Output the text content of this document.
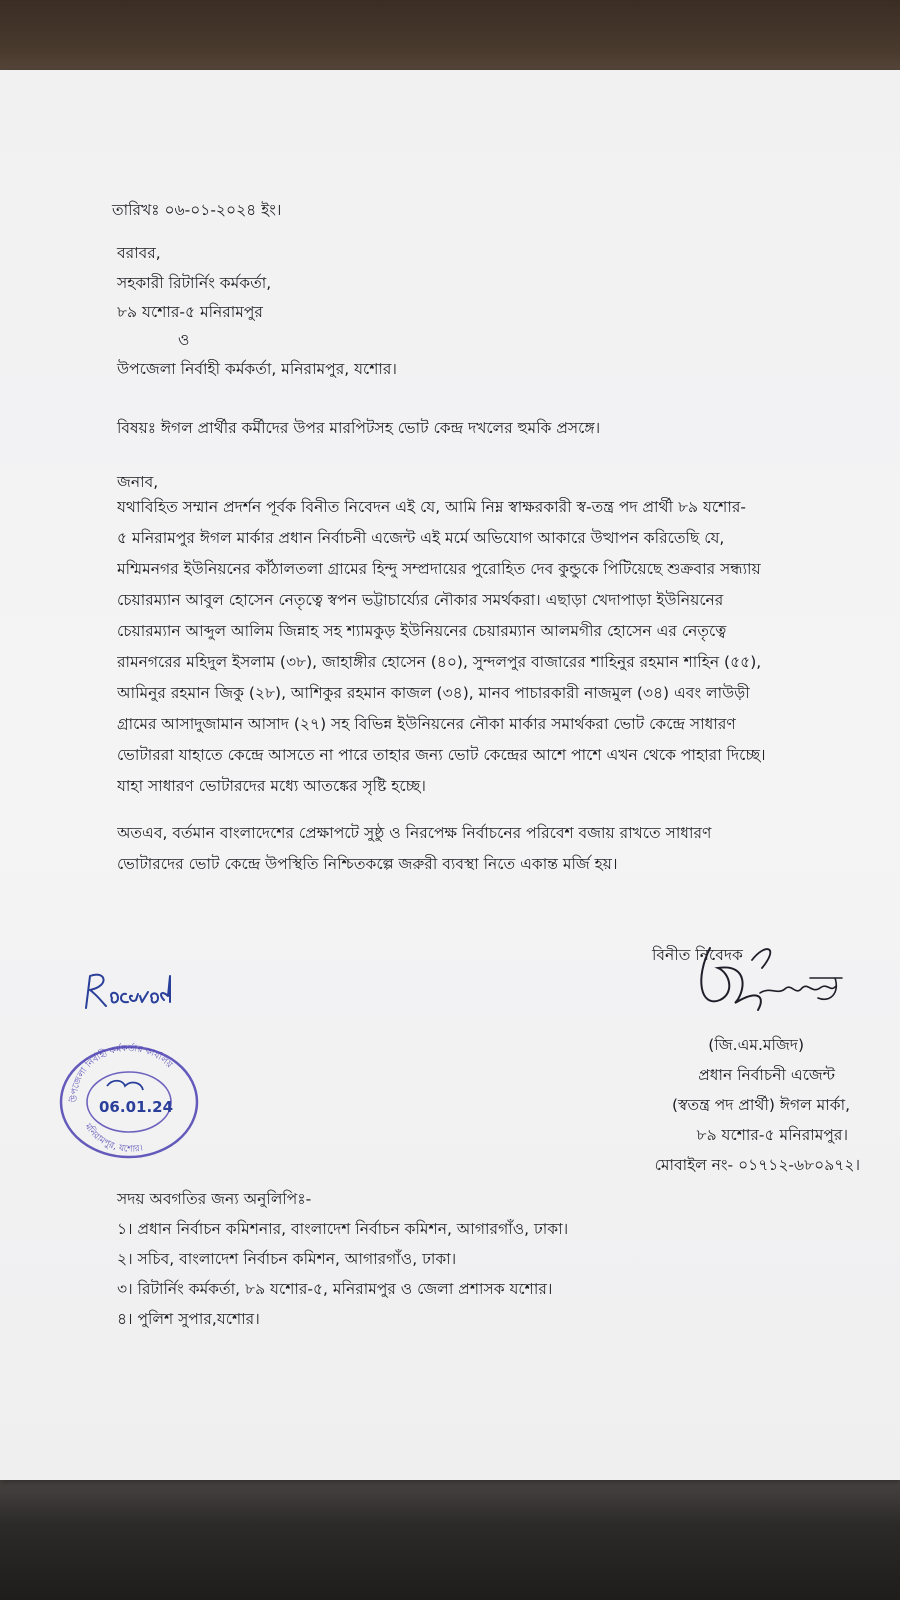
তারিখঃ ০৬-০১-২০২৪ ইং।
বরাবর,
সহকারী রিটার্নিং কর্মকর্তা,
৮৯ যশোর-৫ মনিরামপুর
ও
উপজেলা নির্বাহী কর্মকর্তা, মনিরামপুর, যশোর।
বিষয়ঃ ঈগল প্রার্থীর কর্মীদের উপর মারপিটসহ ভোট কেন্দ্র দখলের হুমকি প্রসঙ্গে।
জনাব,
যথাবিহিত সম্মান প্রদর্শন পূর্বক বিনীত নিবেদন এই যে, আমি নিম্ন স্বাক্ষরকারী স্ব-তন্ত্র পদ প্রার্থী ৮৯ যশোর-
৫ মনিরামপুর ঈগল মার্কার প্রধান নির্বাচনী এজেন্ট এই মর্মে অভিযোগ আকারে উত্থাপন করিতেছি যে,
মশ্মিমনগর ইউনিয়নের কাঁঠালতলা গ্রামের হিন্দু সম্প্রদায়ের পুরোহিত দেব কুন্ডুকে পিটিয়েছে শুক্রবার সন্ধ্যায়
চেয়ারম্যান আবুল হোসেন নেতৃত্বে স্বপন ভট্টাচার্য্যের নৌকার সমর্থকরা। এছাড়া খেদাপাড়া ইউনিয়নের
চেয়ারম্যান আব্দুল আলিম জিন্নাহ সহ শ্যামকুড় ইউনিয়নের চেয়ারম্যান আলমগীর হোসেন এর নেতৃত্বে
রামনগরের মহিদুল ইসলাম (৩৮), জাহাঙ্গীর হোসেন (৪০), সুন্দলপুর বাজারের শাহিনুর রহমান শাহিন (৫৫),
আমিনুর রহমান জিকু (২৮), আশিকুর রহমান কাজল (৩৪), মানব পাচারকারী নাজমুল (৩৪) এবং লাউড়ী
গ্রামের আসাদুজামান আসাদ (২৭) সহ বিভিন্ন ইউনিয়নের নৌকা মার্কার সমার্থকরা ভোট কেন্দ্রে সাধারণ
ভোটাররা যাহাতে কেন্দ্রে আসতে না পারে তাহার জন্য ভোট কেন্দ্রের আশে পাশে এখন থেকে পাহারা দিচ্ছে।
যাহা সাধারণ ভোটারদের মধ্যে আতঙ্কের সৃষ্টি হচ্ছে।
অতএব, বর্তমান বাংলাদেশের প্রেক্ষাপটে সুষ্ঠু ও নিরপেক্ষ নির্বাচনের পরিবেশ বজায় রাখতে সাধারণ
ভোটারদের ভোট কেন্দ্রে উপস্থিতি নিশ্চিতকল্পে জরুরী ব্যবস্থা নিতে একান্ত মর্জি হয়।
বিনীত নিবেদক
(জি.এম.মজিদ)
প্রধান নির্বাচনী এজেন্ট
(স্বতন্ত্র পদ প্রার্থী) ঈগল মার্কা,
৮৯ যশোর-৫ মনিরামপুর।
মোবাইল নং- ০১৭১২-৬৮০৯৭২।
উপজেলা নির্বাহী কর্মকর্তার কার্যালয়
মনিরামপুর, যশোর।
06.01.24
সদয় অবগতির জন্য অনুলিপিঃ-
১। প্রধান নির্বাচন কমিশনার, বাংলাদেশ নির্বাচন কমিশন, আগারগাঁও, ঢাকা।
২। সচিব, বাংলাদেশ নির্বাচন কমিশন, আগারগাঁও, ঢাকা।
৩। রিটার্নিং কর্মকর্তা, ৮৯ যশোর-৫, মনিরামপুর ও জেলা প্রশাসক যশোর।
৪। পুলিশ সুপার,যশোর।
